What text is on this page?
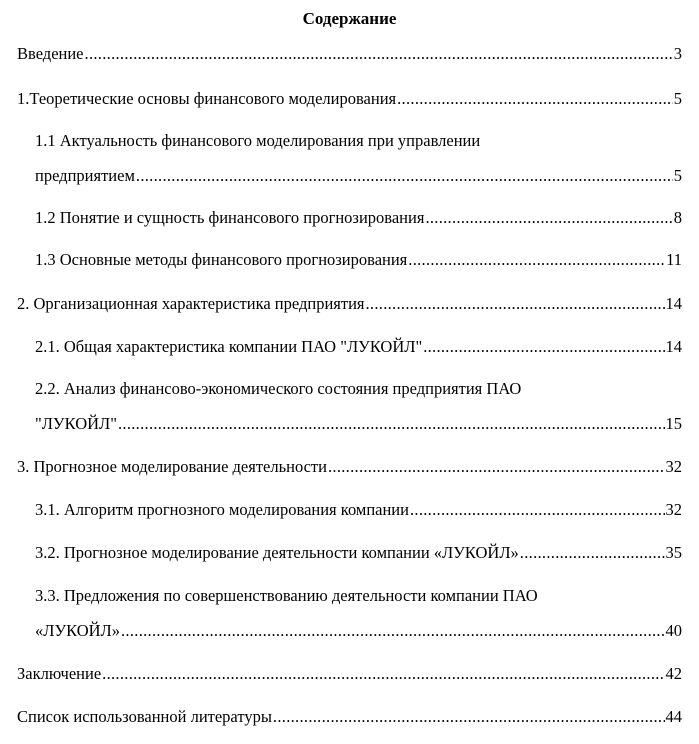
Содержание
Введение .....	3
1.Теоретические основы финансового моделирования .....	5
1.1 Актуальность финансового моделирования при управлении
предприятием .....	5
1.2 Понятие и сущность финансового прогнозирования .....	8
1.3 Основные методы финансового прогнозирования .....	11
2. Организационная характеристика предприятия .....	14
2.1. Общая характеристика компании ПАО "ЛУКОЙЛ" .....	14
2.2. Анализ финансово-экономического состояния предприятия ПАО
"ЛУКОЙЛ" .....	15
3. Прогнозное моделирование деятельности .....	32
3.1. Алгоритм прогнозного моделирования компании .....	32
3.2. Прогнозное моделирование деятельности компании «ЛУКОЙЛ» .....	35
3.3. Предложения по совершенствованию деятельности компании ПАО
«ЛУКОЙЛ» .....	40
Заключение .....	42
Список использованной литературы .....	44
